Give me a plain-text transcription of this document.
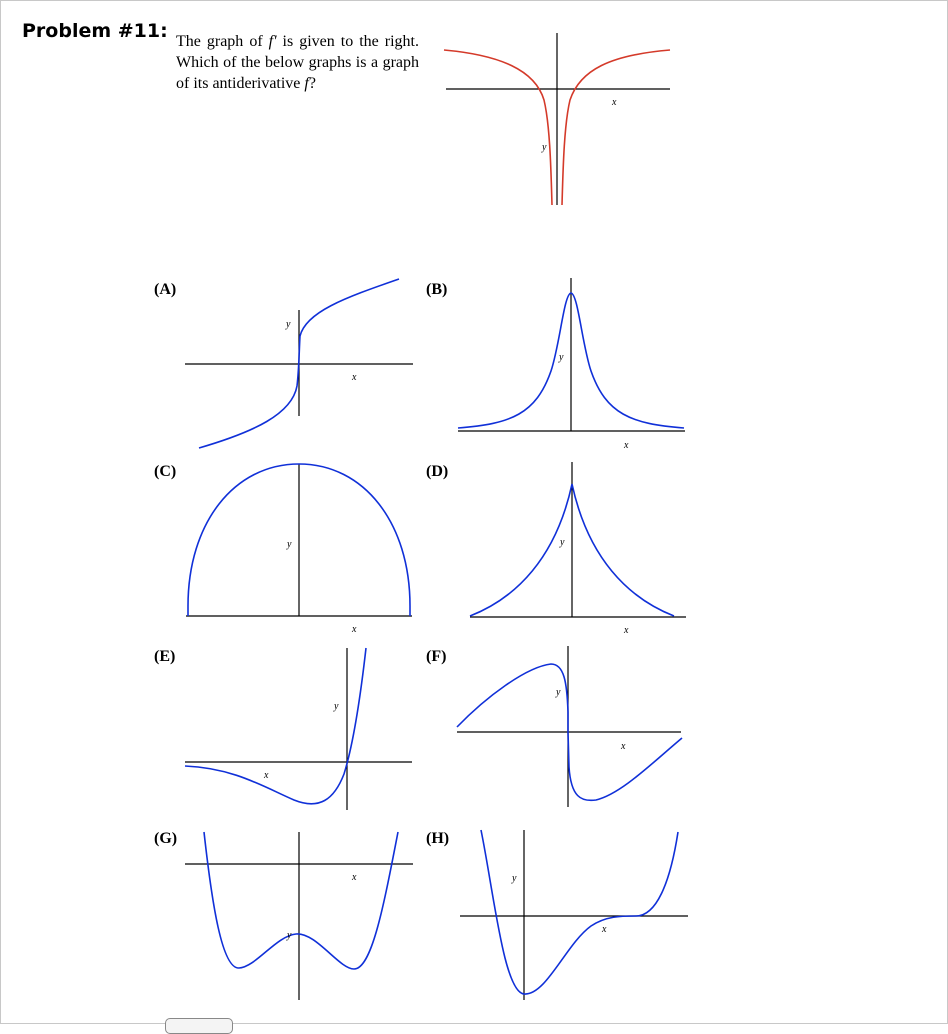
Problem #11: The graph of f' is given to the right. Which of the below graphs is a graph of its antiderivative f?
x
y
(A)	(B)
(C)	(D)
(E)	(F)
(G)	(H)
x
y
x
y
x
y
x
y
x
y
x
y
x
y
x
y
